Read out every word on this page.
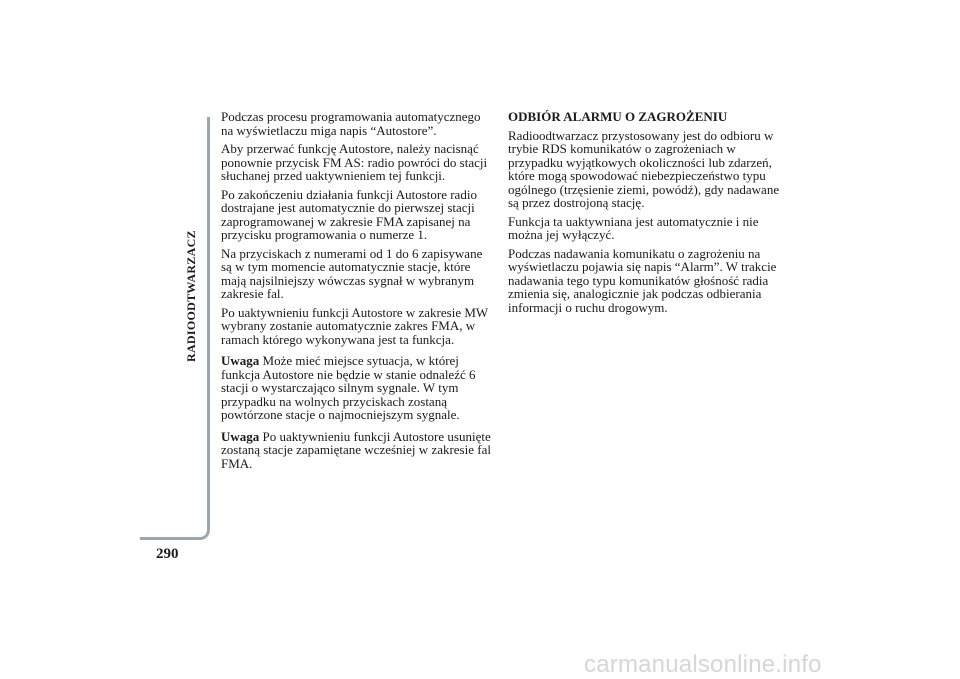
RADIOODTWARZACZ
290

Podczas procesu programowania automatycznego na wyświetlaczu miga napis “Autostore”.

Aby przerwać funkcję Autostore, należy nacisnąć ponownie przycisk FM AS: radio powróci do stacji słuchanej przed uaktywnieniem tej funkcji.

Po zakończeniu działania funkcji Autostore radio dostrajane jest automatycznie do pierwszej stacji zaprogramowanej w zakresie FMA zapisanej na przycisku programowania o numerze 1.

Na przyciskach z numerami od 1 do 6 zapisywane są w tym momencie automatycznie stacje, które mają najsilniejszy wówczas sygnał w wybranym zakresie fal.

Po uaktywnieniu funkcji Autostore w zakresie MW wybrany zostanie automatycznie zakres FMA, w ramach którego wykonywana jest ta funkcja.

Uwaga Może mieć miejsce sytuacja, w której funkcja Autostore nie będzie w stanie odnaleźć 6 stacji o wystarczająco silnym sygnale. W tym przypadku na wolnych przyciskach zostaną powtórzone stacje o najmocniejszym sygnale.

Uwaga Po uaktywnieniu funkcji Autostore usunięte zostaną stacje zapamiętane wcześniej w zakresie fal FMA.

ODBIÓR ALARMU O ZAGROŻENIU

Radioodtwarzacz przystosowany jest do odbioru w trybie RDS komunikatów o zagrożeniach w przypadku wyjątkowych okoliczności lub zdarzeń, które mogą spowodować niebezpieczeństwo typu ogólnego (trzęsienie ziemi, powódź), gdy nadawane są przez dostrojoną stację.

Funkcja ta uaktywniana jest automatycznie i nie można jej wyłączyć.

Podczas nadawania komunikatu o zagrożeniu na wyświetlaczu pojawia się napis “Alarm”. W trakcie nadawania tego typu komunikatów głośność radia zmienia się, analogicznie jak podczas odbierania informacji o ruchu drogowym.

carmanualsonline.info
